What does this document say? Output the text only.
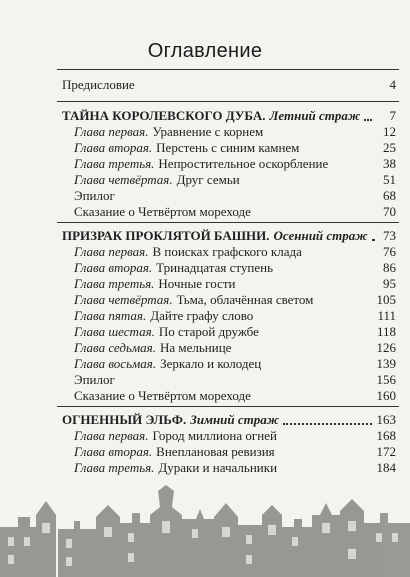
Оглавление
Предисловие	4
ТАЙНА КОРОЛЕВСКОГО ДУБА. Летний страж	7
Глава первая. Уравнение с корнем	12
Глава вторая. Перстень с синим камнем	25
Глава третья. Непростительное оскорбление	38
Глава четвёртая. Друг семьи	51
Эпилог	68
Сказание о Четвёртом мореходе	70
ПРИЗРАК ПРОКЛЯТОЙ БАШНИ. Осенний страж	73
Глава первая. В поисках графского клада	76
Глава вторая. Тринадцатая ступень	86
Глава третья. Ночные гости	95
Глава четвёртая. Тьма, облачённая светом	105
Глава пятая. Дайте графу слово	111
Глава шестая. По старой дружбе	118
Глава седьмая. На мельнице	126
Глава восьмая. Зеркало и колодец	139
Эпилог	156
Сказание о Четвёртом мореходе	160
ОГНЕННЫЙ ЭЛЬФ. Зимний страж	163
Глава первая. Город миллиона огней	168
Глава вторая. Внеплановая ревизия	172
Глава третья. Дураки и начальники	184
